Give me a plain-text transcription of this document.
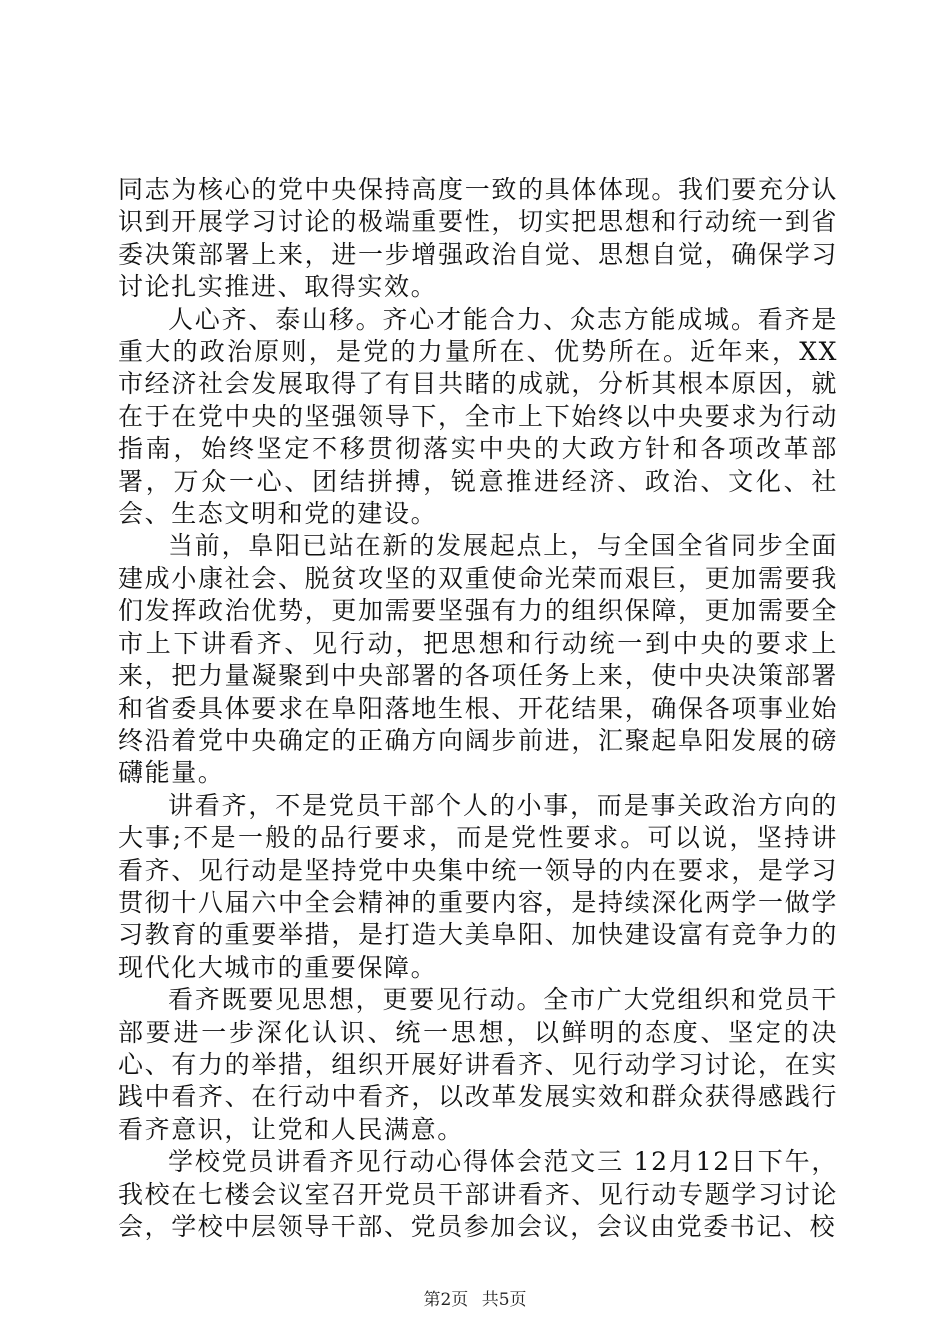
同志为核心的党中央保持高度一致的具体体现。我们要充分认识到开展学习讨论的极端重要性，切实把思想和行动统一到省委决策部署上来，进一步增强政治自觉、思想自觉，确保学习讨论扎实推进、取得实效。

人心齐、泰山移。齐心才能合力、众志方能成城。看齐是重大的政治原则，是党的力量所在、优势所在。近年来，XX市经济社会发展取得了有目共睹的成就，分析其根本原因，就在于在党中央的坚强领导下，全市上下始终以中央要求为行动指南，始终坚定不移贯彻落实中央的大政方针和各项改革部署，万众一心、团结拼搏，锐意推进经济、政治、文化、社会、生态文明和党的建设。

当前，阜阳已站在新的发展起点上，与全国全省同步全面建成小康社会、脱贫攻坚的双重使命光荣而艰巨，更加需要我们发挥政治优势，更加需要坚强有力的组织保障，更加需要全市上下讲看齐、见行动，把思想和行动统一到中央的要求上来，把力量凝聚到中央部署的各项任务上来，使中央决策部署和省委具体要求在阜阳落地生根、开花结果，确保各项事业始终沿着党中央确定的正确方向阔步前进，汇聚起阜阳发展的磅礴能量。

讲看齐，不是党员干部个人的小事，而是事关政治方向的大事;不是一般的品行要求，而是党性要求。可以说，坚持讲看齐、见行动是坚持党中央集中统一领导的内在要求，是学习贯彻十八届六中全会精神的重要内容，是持续深化两学一做学习教育的重要举措，是打造大美阜阳、加快建设富有竞争力的现代化大城市的重要保障。

看齐既要见思想，更要见行动。全市广大党组织和党员干部要进一步深化认识、统一思想，以鲜明的态度、坚定的决心、有力的举措，组织开展好讲看齐、见行动学习讨论，在实践中看齐、在行动中看齐，以改革发展实效和群众获得感践行看齐意识，让党和人民满意。

学校党员讲看齐见行动心得体会范文三 12月12日下午，我校在七楼会议室召开党员干部讲看齐、见行动专题学习讨论会，学校中层领导干部、党员参加会议，会议由党委书记、校

第2页 共5页
